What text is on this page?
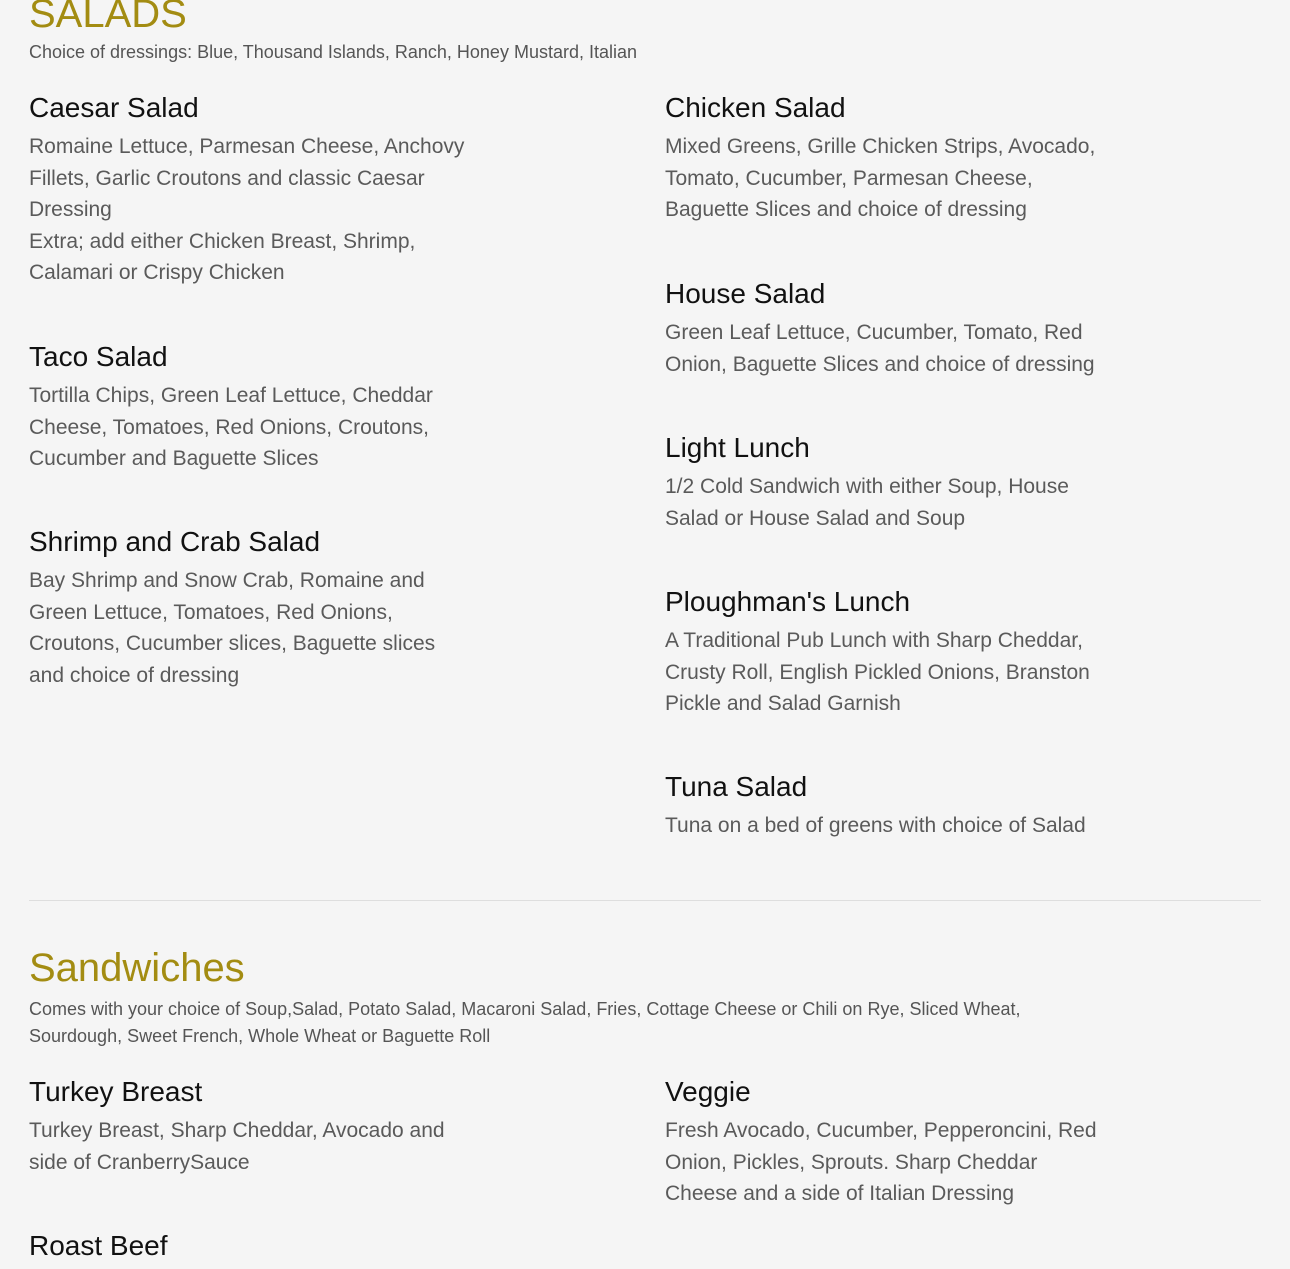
SALADS

Choice of dressings: Blue, Thousand Islands, Ranch, Honey Mustard, Italian

Caesar Salad

Romaine Lettuce, Parmesan Cheese, Anchovy Fillets, Garlic Croutons and classic Caesar Dressing

Extra; add either Chicken Breast, Shrimp, Calamari or Crispy Chicken

Chicken Salad

Mixed Greens, Grille Chicken Strips, Avocado, Tomato, Cucumber, Parmesan Cheese, Baguette Slices and choice of dressing

Taco Salad

Tortilla Chips, Green Leaf Lettuce, Cheddar Cheese, Tomatoes, Red Onions, Croutons, Cucumber and Baguette Slices

House Salad

Green Leaf Lettuce, Cucumber, Tomato, Red Onion, Baguette Slices and choice of dressing

Light Lunch

1/2 Cold Sandwich with either Soup, House Salad or House Salad and Soup

Shrimp and Crab Salad

Bay Shrimp and Snow Crab, Romaine and Green Lettuce, Tomatoes, Red Onions, Croutons, Cucumber slices, Baguette slices and choice of dressing

Ploughman's Lunch

A Traditional Pub Lunch with Sharp Cheddar, Crusty Roll, English Pickled Onions, Branston Pickle and Salad Garnish

Tuna Salad

Tuna on a bed of greens with choice of Salad

Sandwiches

Comes with your choice of Soup,Salad, Potato Salad, Macaroni Salad, Fries, Cottage Cheese or Chili on Rye, Sliced Wheat, Sourdough, Sweet French, Whole Wheat or Baguette Roll

Turkey Breast

Turkey Breast, Sharp Cheddar, Avocado and side of CranberrySauce

Veggie

Fresh Avocado, Cucumber, Pepperoncini, Red Onion, Pickles, Sprouts. Sharp Cheddar Cheese and a side of Italian Dressing

Roast Beef
